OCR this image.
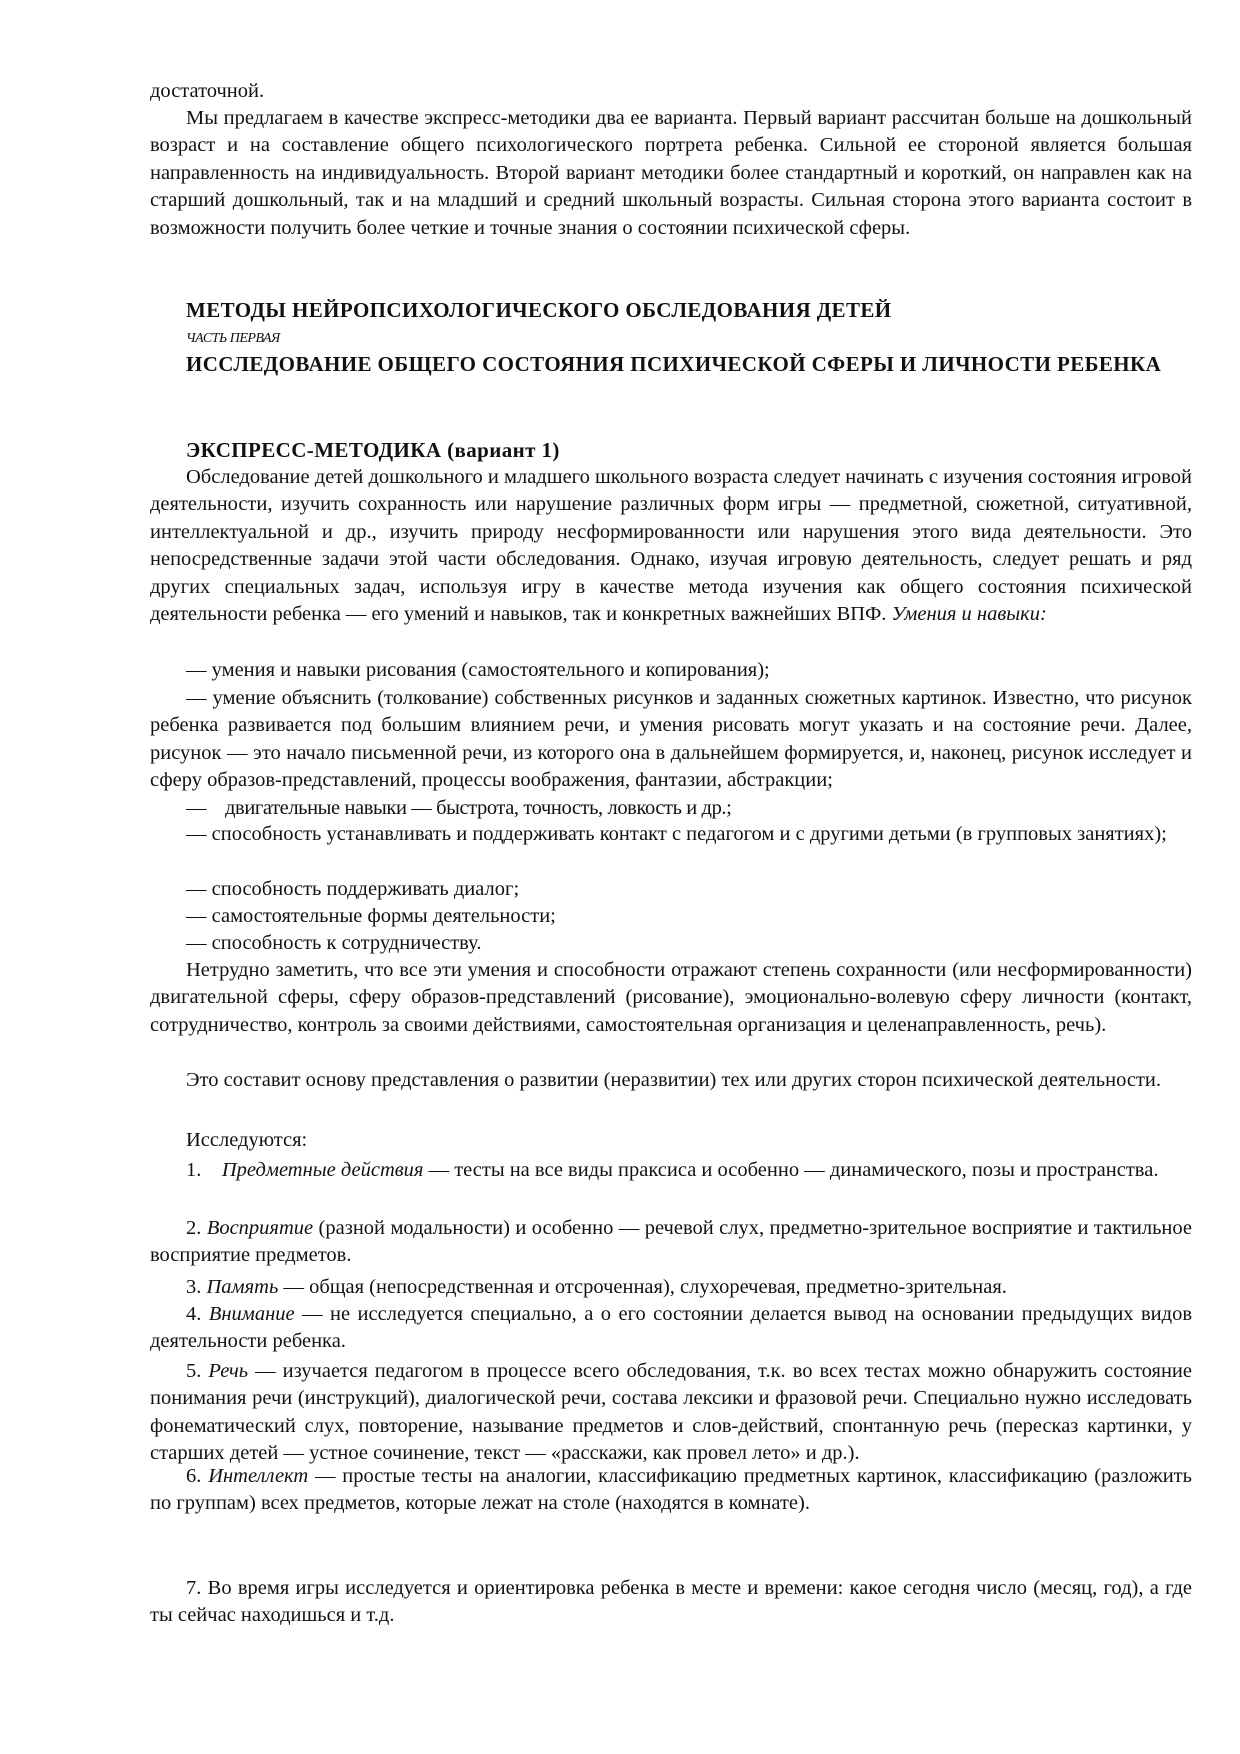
достаточной.

Мы предлагаем в качестве экспресс-методики два ее варианта. Первый вариант рассчитан больше на дошкольный возраст и на составление общего психологического портрета ребенка. Сильной ее стороной является большая направленность на индивидуальность. Второй вариант методики более стандартный и короткий, он направлен как на старший дошкольный, так и на младший и средний школьный возрасты. Сильная сторона этого варианта состоит в возможности получить более четкие и точные знания о состоянии психической сферы.

МЕТОДЫ НЕЙРОПСИХОЛОГИЧЕСКОГО ОБСЛЕДОВАНИЯ ДЕТЕЙ

ЧАСТЬ ПЕРВАЯ

ИССЛЕДОВАНИЕ ОБЩЕГО СОСТОЯНИЯ ПСИХИЧЕСКОЙ СФЕРЫ И ЛИЧНОСТИ РЕБЕНКА

ЭКСПРЕСС-МЕТОДИКА (вариант 1)

Обследование детей дошкольного и младшего школьного возраста следует начинать с изучения состояния игровой деятельности, изучить сохранность или нарушение различных форм игры — предметной, сюжетной, ситуативной, интеллектуальной и др., изучить природу несформированности или нарушения этого вида деятельности. Это непосредственные задачи этой части обследования. Однако, изучая игровую деятельность, следует решать и ряд других специальных задач, используя игру в качестве метода изучения как общего состояния психической деятельности ребенка — его умений и навыков, так и конкретных важнейших ВПФ. Умения и навыки:

— умения и навыки рисования (самостоятельного и копирования);

— умение объяснить (толкование) собственных рисунков и заданных сюжетных картинок. Известно, что рисунок ребенка развивается под большим влиянием речи, и умения рисовать могут указать и на состояние речи. Далее, рисунок — это начало письменной речи, из которого она в дальнейшем формируется, и, наконец, рисунок исследует и сферу образов-представлений, процессы воображения, фантазии, абстракции;

— двигательные навыки — быстрота, точность, ловкость и др.;

— способность устанавливать и поддерживать контакт с педагогом и с другими детьми (в групповых занятиях);

— способность поддерживать диалог;

— самостоятельные формы деятельности;

— способность к сотрудничеству.

Нетрудно заметить, что все эти умения и способности отражают степень сохранности (или несформированности) двигательной сферы, сферу образов-представлений (рисование), эмоционально-волевую сферу личности (контакт, сотрудничество, контроль за своими действиями, самостоятельная организация и целенаправленность, речь).

Это составит основу представления о развитии (неразвитии) тех или других сторон психической деятельности.

Исследуются:

1. Предметные действия — тесты на все виды праксиса и особенно — динамического, позы и пространства.

2. Восприятие (разной модальности) и особенно — речевой слух, предметно-зрительное восприятие и тактильное восприятие предметов.

3. Память — общая (непосредственная и отсроченная), слухоречевая, предметно-зрительная.

4. Внимание — не исследуется специально, а о его состоянии делается вывод на основании предыдущих видов деятельности ребенка.

5. Речь — изучается педагогом в процессе всего обследования, т.к. во всех тестах можно обнаружить состояние понимания речи (инструкций), диалогической речи, состава лексики и фразовой речи. Специально нужно исследовать фонематический слух, повторение, называние предметов и слов-действий, спонтанную речь (пересказ картинки, у старших детей — устное сочинение, текст — «расскажи, как провел лето» и др.).

6. Интеллект — простые тесты на аналогии, классификацию предметных картинок, классификацию (разложить по группам) всех предметов, которые лежат на столе (находятся в комнате).

7. Во время игры исследуется и ориентировка ребенка в месте и времени: какое сегодня число (месяц, год), а где ты сейчас находишься и т.д.
